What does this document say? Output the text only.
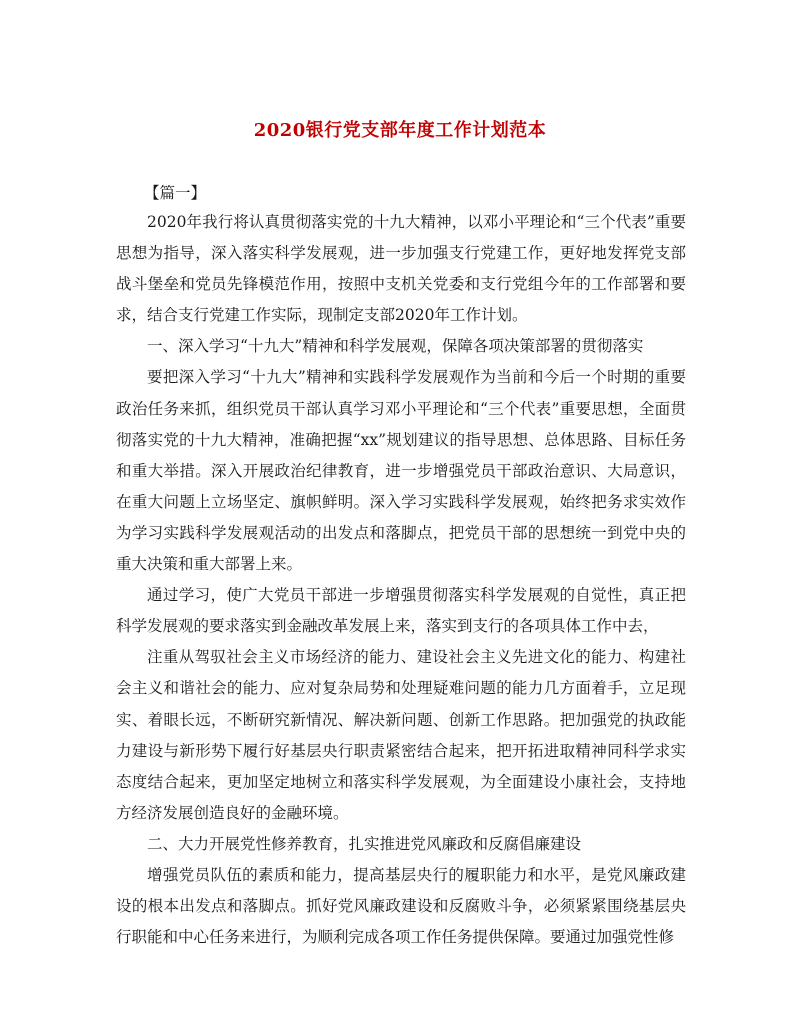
2020银行党支部年度工作计划范本
【篇一】

2020年我行将认真贯彻落实党的十九大精神，以邓小平理论和“三个代表”重要思想为指导，深入落实科学发展观，进一步加强支行党建工作，更好地发挥党支部战斗堡垒和党员先锋模范作用，按照中支机关党委和支行党组今年的工作部署和要求，结合支行党建工作实际，现制定支部2020年工作计划。

一、深入学习“十九大”精神和科学发展观，保障各项决策部署的贯彻落实

要把深入学习“十九大”精神和实践科学发展观作为当前和今后一个时期的重要政治任务来抓，组织党员干部认真学习邓小平理论和“三个代表”重要思想，全面贯彻落实党的十九大精神，准确把握“xx”规划建议的指导思想、总体思路、目标任务和重大举措。深入开展政治纪律教育，进一步增强党员干部政治意识、大局意识，在重大问题上立场坚定、旗帜鲜明。深入学习实践科学发展观，始终把务求实效作为学习实践科学发展观活动的出发点和落脚点，把党员干部的思想统一到党中央的重大决策和重大部署上来。

通过学习，使广大党员干部进一步增强贯彻落实科学发展观的自觉性，真正把科学发展观的要求落实到金融改革发展上来，落实到支行的各项具体工作中去，

注重从驾驭社会主义市场经济的能力、建设社会主义先进文化的能力、构建社会主义和谐社会的能力、应对复杂局势和处理疑难问题的能力几方面着手，立足现实、着眼长远，不断研究新情况、解决新问题、创新工作思路。把加强党的执政能力建设与新形势下履行好基层央行职责紧密结合起来，把开拓进取精神同科学求实态度结合起来，更加坚定地树立和落实科学发展观，为全面建设小康社会，支持地方经济发展创造良好的金融环境。

二、大力开展党性修养教育，扎实推进党风廉政和反腐倡廉建设

增强党员队伍的素质和能力，提高基层央行的履职能力和水平，是党风廉政建设的根本出发点和落脚点。抓好党风廉政建设和反腐败斗争，必须紧紧围绕基层央行职能和中心任务来进行，为顺利完成各项工作任务提供保障。要通过加强党性修
